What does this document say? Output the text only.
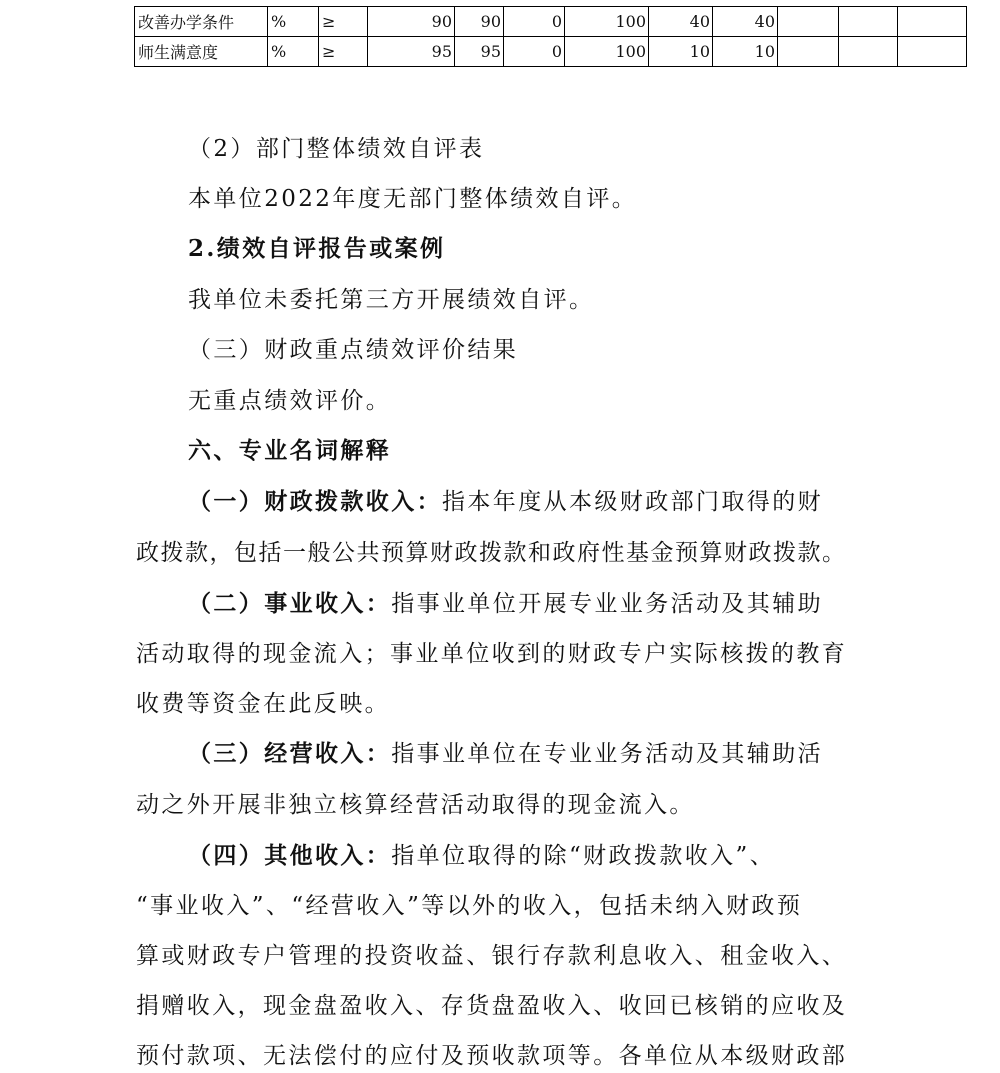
改善办学条件	%	≥	90	90	0	100	40	40			
师生满意度	%	≥	95	95	0	100	10	10			
（2）部门整体绩效自评表
本单位2022年度无部门整体绩效自评。
2.绩效自评报告或案例
我单位未委托第三方开展绩效自评。
（三）财政重点绩效评价结果
无重点绩效评价。
六、专业名词解释
（一）财政拨款收入：指本年度从本级财政部门取得的财
政拨款，包括一般公共预算财政拨款和政府性基金预算财政拨款。
（二）事业收入：指事业单位开展专业业务活动及其辅助
活动取得的现金流入；事业单位收到的财政专户实际核拨的教育
收费等资金在此反映。
（三）经营收入：指事业单位在专业业务活动及其辅助活
动之外开展非独立核算经营活动取得的现金流入。
（四）其他收入：指单位取得的除“财政拨款收入”、
“事业收入”、“经营收入”等以外的收入，包括未纳入财政预
算或财政专户管理的投资收益、银行存款利息收入、租金收入、
捐赠收入，现金盘盈收入、存货盘盈收入、收回已核销的应收及
预付款项、无法偿付的应付及预收款项等。各单位从本级财政部
